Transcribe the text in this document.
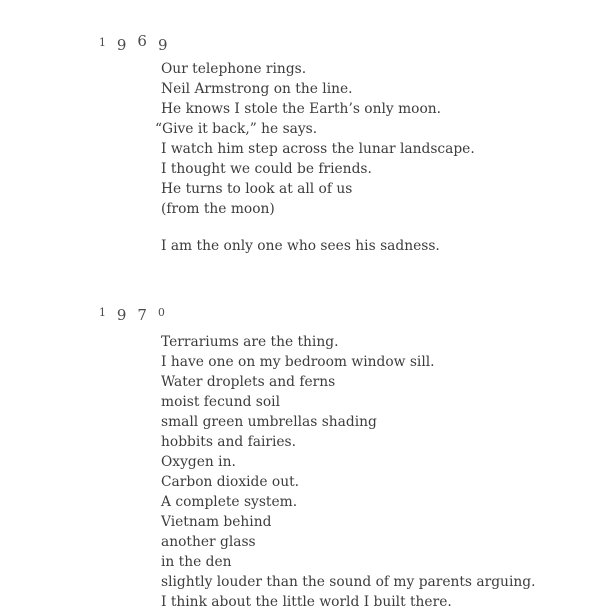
1969
Our telephone rings.
Neil Armstrong on the line.
He knows I stole the Earth’s only moon.
“Give it back,” he says.
I watch him step across the lunar landscape.
I thought we could be friends.
He turns to look at all of us
(from the moon)
I am the only one who sees his sadness.
1970
Terrariums are the thing.
I have one on my bedroom window sill.
Water droplets and ferns
moist fecund soil
small green umbrellas shading
hobbits and fairies.
Oxygen in.
Carbon dioxide out.
A complete system.
Vietnam behind
another glass
in the den
slightly louder than the sound of my parents arguing.
I think about the little world I built there.
